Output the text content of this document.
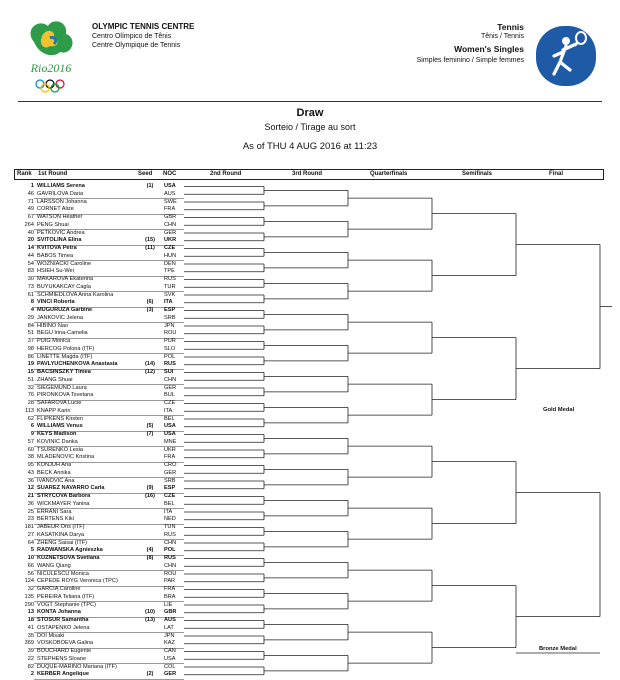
Rio2016
OLYMPIC TENNIS CENTRE
Centro Olímpico de Tênis
Centre Olympique de Tennis
Tennis
Tênis / Tennis
Women's Singles
Simples feminino / Simple femmes
Draw
Sorteio / Tirage au sort
As of THU 4 AUG 2016 at 11:23
Rank 1st Round	Seed NOC	2nd Round	3rd Round	Quarterfinals	Semifinals	Final
1 WILLIAMS Serena	(1)	USA
46 GAVRILOVA Daria	AUS
71 LARSSON Johanna	SWE
49 CORNET Alize	FRA
67 WATSON Heather	GBR
264 PENG Shuai	CHN
40 PETKOVIC Andrea	GER
20 SVITOLINA Elina	(15)	UKR
14 KVITOVA Petra	(11)	CZE
44 BABOS Timea	HUN
54 WOZNIACKI Caroline	DEN
83 HSIEH Su-Wei	TPE
30 MAKAROVA Ekaterina	RUS
73 BUYUKAKCAY Cagla	TUR
61 SCHMIEDLOVA Anna Karolina	SVK
8 VINCI Roberta	(6)	ITA
4 MUGURUZA Garbine	(3)	ESP
29 JANKOVIC Jelena	SRB
84 HIBINO Nao	JPN
51 BEGU Irina-Camelia	ROU
37 PUIG Monica	PUR
98 HERCOG Polona (ITF)	SLO
86 LINETTE Magda (ITF)	POL
19 PAVLYUCHENKOVA Anastasia	(14)	RUS
15 BACSINSZKY Timea	(12)	SUI
51 ZHANG Shuai	CHN
32 SIEGEMUND Laura	GER
76 PIRONKOVA Tsvetana	BUL
28 SAFAROVA Lucie	CZE
113 KNAPP Karin	ITA
62 FLIPKENS Kirsten	BEL
6 WILLIAMS Venus	(5)	USA
9 KEYS Madison	(7)	USA
57 KOVINIC Danka	MNE
60 TSURENKO Lesia	UKR
38 MLADENOVIC Kristina	FRA
95 KONJUH Ana	CRO
43 BECK Annika	GER
36 IVANOVIC Ana	SRB
12 SUAREZ NAVARRO Carla	(9)	ESP
21 STRYCOVA Barbora	(16)	CZE
36 WICKMAYER Yanina	BEL
25 ERRANI Sara	ITA
23 BERTENS Kiki	NED
181 JABEUR Ons (ITF)	TUN
27 KASATKINA Darya	RUS
64 ZHENG Saisai (ITF)	CHN
5 RADWANSKA Agnieszka	(4)	POL
10 KUZNETSOVA Svetlana	(8)	RUS
66 WANG Qiang	CHN
56 NICULESCU Monica	ROU
124 CEPEDE ROYG Veronica (TPC)	PAR
32 GARCIA Caroline	FRA
135 PEREIRA Teliana (ITF)	BRA
290 VOGT Stephanie (TPC)	LIE
13 KONTA Johanna	(10)	GBR
18 STOSUR Samantha	(13)	AUS
41 OSTAPENKO Jelena	LAT
35 DOI Misaki	JPN
369 VOSKOBOEVA Galina	KAZ
39 BOUCHARD Eugenie	CAN
22 STEPHENS Sloane	USA
82 DUQUE-MARINO Mariana (ITF)	COL
2 KERBER Angelique	(2)	GER
Gold Medal
Bronze Medal
